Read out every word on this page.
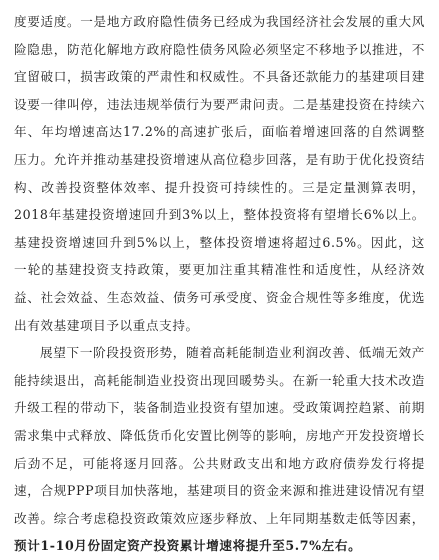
度要适度。一是地方政府隐性债务已经成为我国经济社会发展的重大风险隐患，防范化解地方政府隐性债务风险必须坚定不移地予以推进，不宜留破口，损害政策的严肃性和权威性。不具备还款能力的基建项目建设要一律叫停，违法违规举债行为要严肃问责。二是基建投资在持续六年、年均增速高达17.2%的高速扩张后，面临着增速回落的自然调整压力。允许并推动基建投资增速从高位稳步回落，是有助于优化投资结构、改善投资整体效率、提升投资可持续性的。三是定量测算表明，2018年基建投资增速回升到3%以上，整体投资将有望增长6%以上。基建投资增速回升到5%以上，整体投资增速将超过6.5%。因此，这一轮的基建投资支持政策，要更加注重其精准性和适度性，从经济效益、社会效益、生态效益、债务可承受度、资金合规性等多维度，优选出有效基建项目予以重点支持。

展望下一阶段投资形势，随着高耗能制造业利润改善、低端无效产能持续退出，高耗能制造业投资出现回暖势头。在新一轮重大技术改造升级工程的带动下，装备制造业投资有望加速。受政策调控趋紧、前期需求集中式释放、降低货币化安置比例等的影响，房地产开发投资增长后劲不足，可能将逐月回落。公共财政支出和地方政府债券发行将提速，合规PPP项目加快落地，基建项目的资金来源和推进建设情况有望改善。综合考虑稳投资政策效应逐步释放、上年同期基数走低等因素，预计1-10月份固定资产投资累计增速将提升至5.7%左右。
